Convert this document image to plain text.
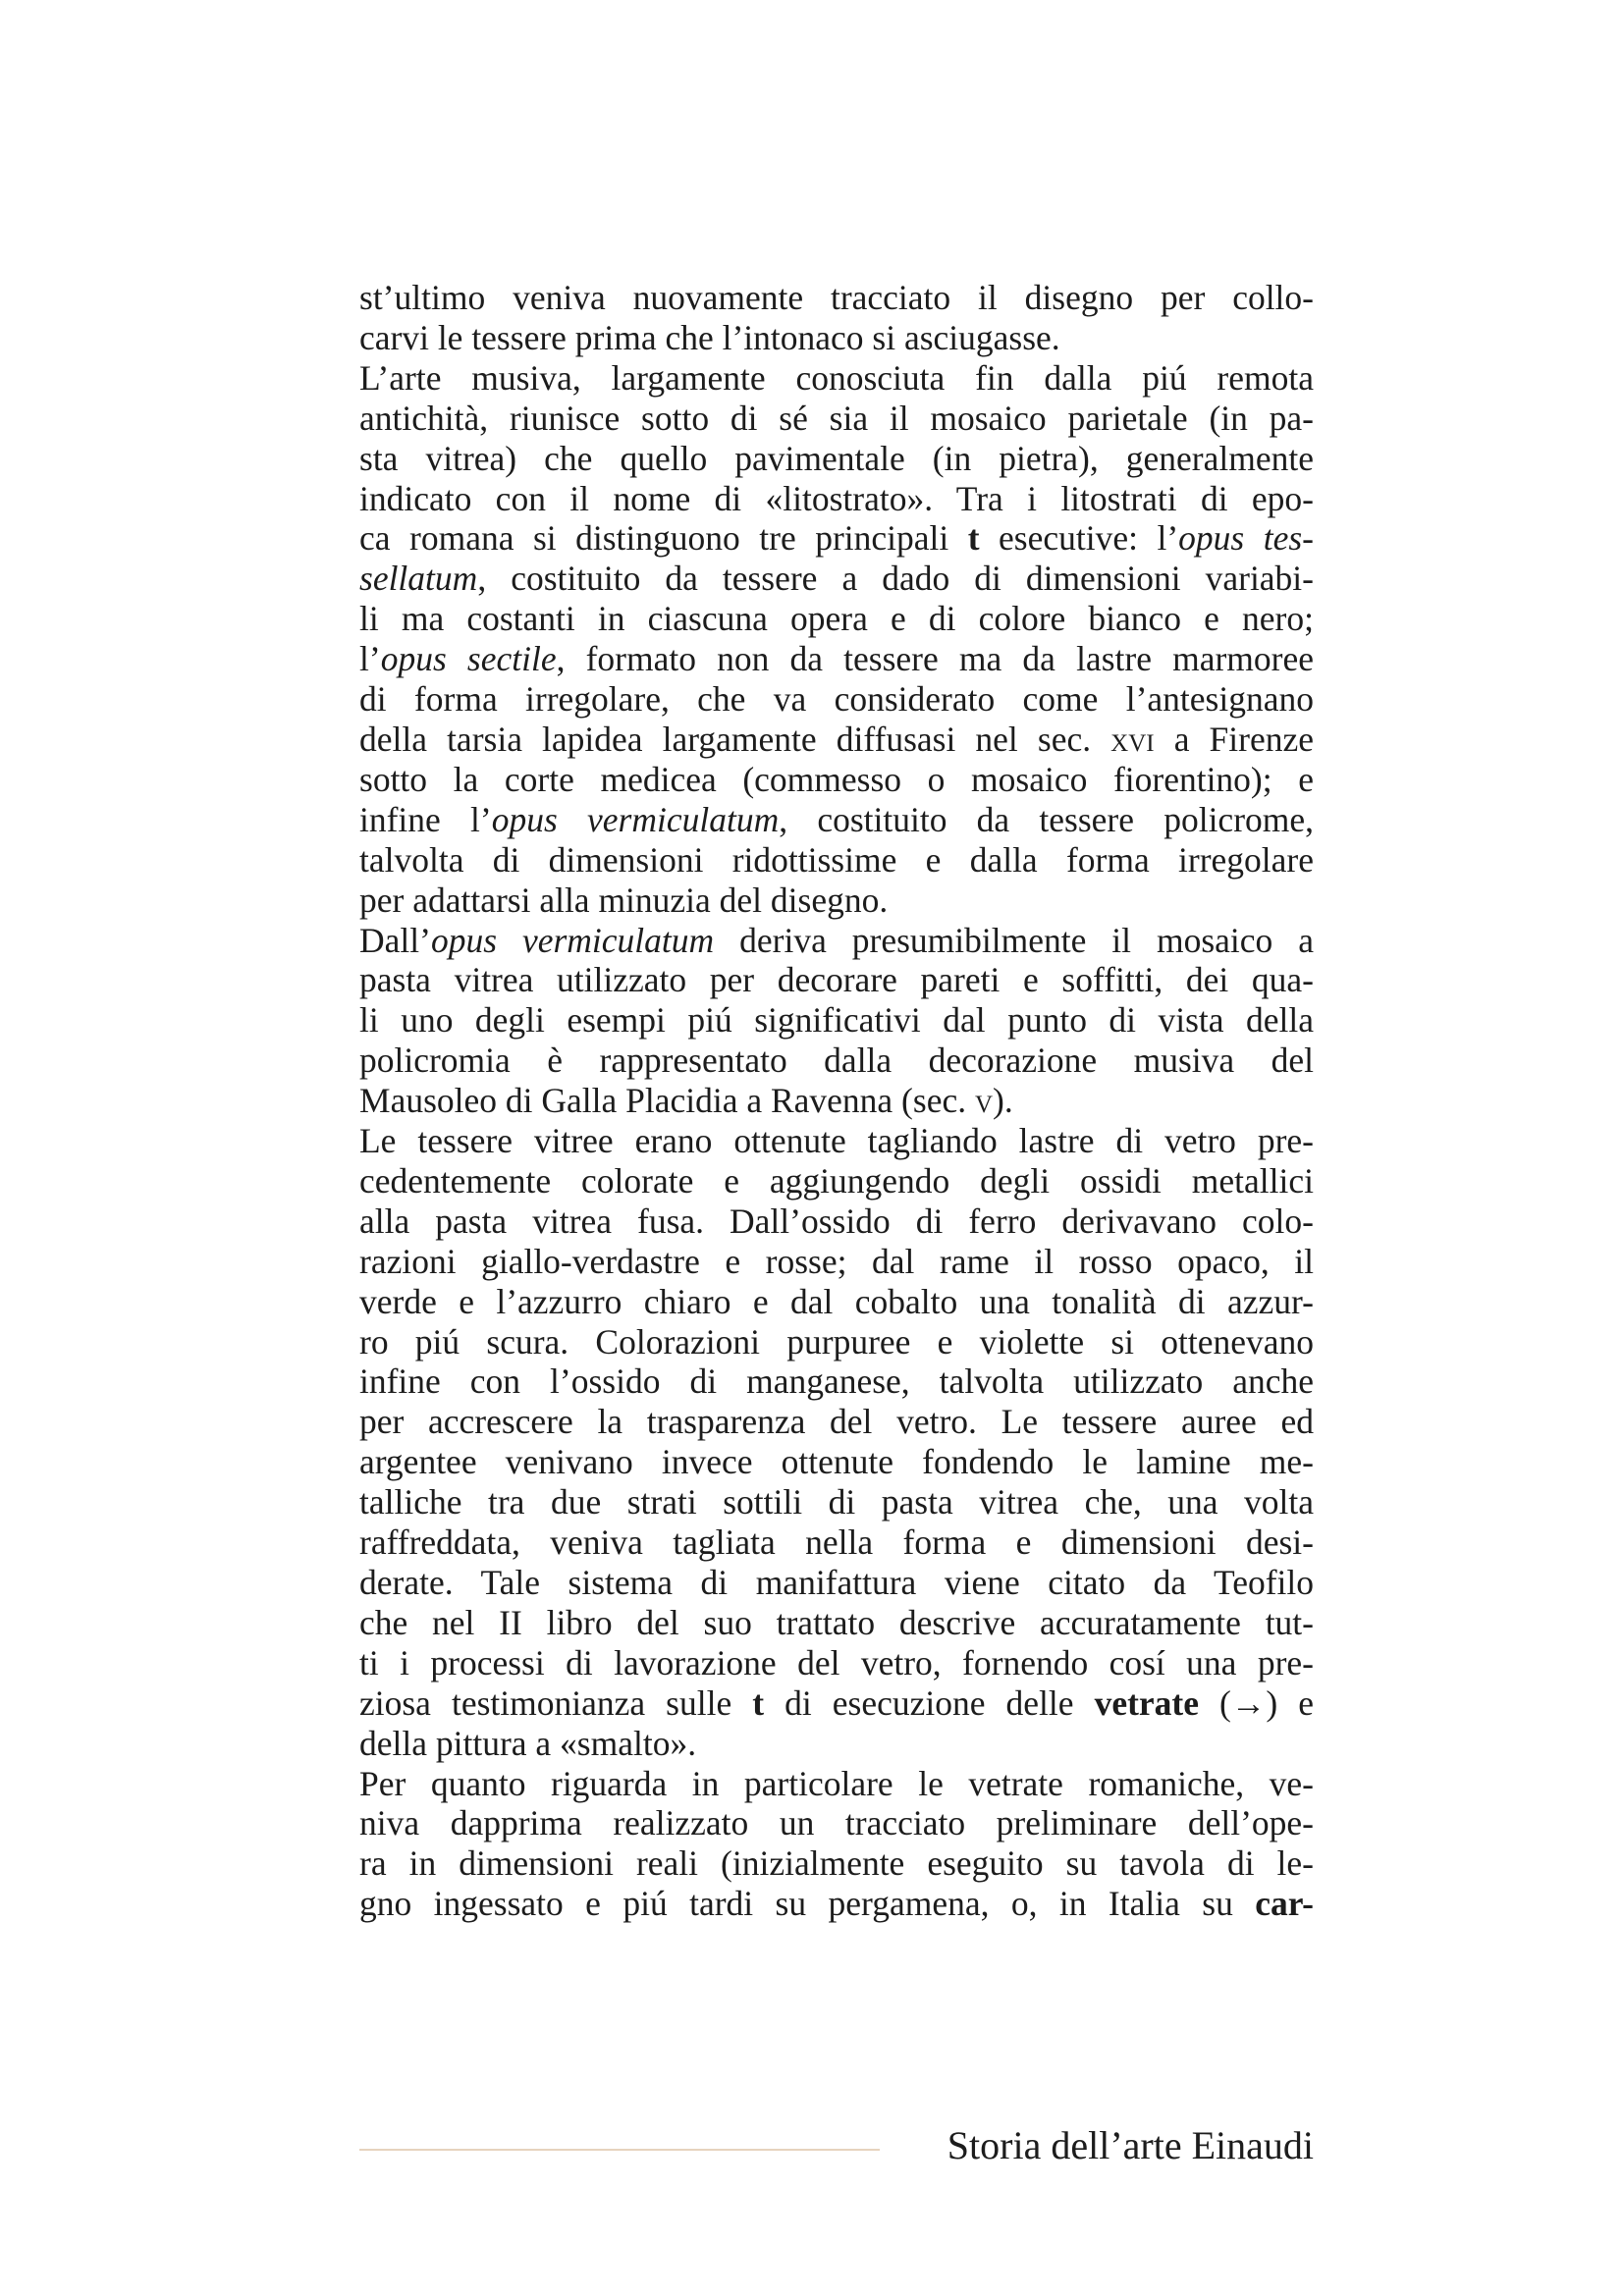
st’ultimo veniva nuovamente tracciato il disegno per collo-
carvi le tessere prima che l’intonaco si asciugasse.
L’arte musiva, largamente conosciuta fin dalla piú remota
antichità, riunisce sotto di sé sia il mosaico parietale (in pa-
sta vitrea) che quello pavimentale (in pietra), generalmente
indicato con il nome di «litostrato». Tra i litostrati di epo-
ca romana si distinguono tre principali t esecutive: l’opus tes-
sellatum, costituito da tessere a dado di dimensioni variabi-
li ma costanti in ciascuna opera e di colore bianco e nero;
l’opus sectile, formato non da tessere ma da lastre marmoree
di forma irregolare, che va considerato come l’antesignano
della tarsia lapidea largamente diffusasi nel sec. xvi a Firenze
sotto la corte medicea (commesso o mosaico fiorentino); e
infine l’opus vermiculatum, costituito da tessere policrome,
talvolta di dimensioni ridottissime e dalla forma irregolare
per adattarsi alla minuzia del disegno.
Dall’opus vermiculatum deriva presumibilmente il mosaico a
pasta vitrea utilizzato per decorare pareti e soffitti, dei qua-
li uno degli esempi piú significativi dal punto di vista della
policromia è rappresentato dalla decorazione musiva del
Mausoleo di Galla Placidia a Ravenna (sec. v).
Le tessere vitree erano ottenute tagliando lastre di vetro pre-
cedentemente colorate e aggiungendo degli ossidi metallici
alla pasta vitrea fusa. Dall’ossido di ferro derivavano colo-
razioni giallo-verdastre e rosse; dal rame il rosso opaco, il
verde e l’azzurro chiaro e dal cobalto una tonalità di azzur-
ro piú scura. Colorazioni purpuree e violette si ottenevano
infine con l’ossido di manganese, talvolta utilizzato anche
per accrescere la trasparenza del vetro. Le tessere auree ed
argentee venivano invece ottenute fondendo le lamine me-
talliche tra due strati sottili di pasta vitrea che, una volta
raffreddata, veniva tagliata nella forma e dimensioni desi-
derate. Tale sistema di manifattura viene citato da Teofilo
che nel II libro del suo trattato descrive accuratamente tut-
ti i processi di lavorazione del vetro, fornendo cosí una pre-
ziosa testimonianza sulle t di esecuzione delle vetrate (→) e
della pittura a «smalto».
Per quanto riguarda in particolare le vetrate romaniche, ve-
niva dapprima realizzato un tracciato preliminare dell’ope-
ra in dimensioni reali (inizialmente eseguito su tavola di le-
gno ingessato e piú tardi su pergamena, o, in Italia su car-
Storia dell’arte Einaudi
